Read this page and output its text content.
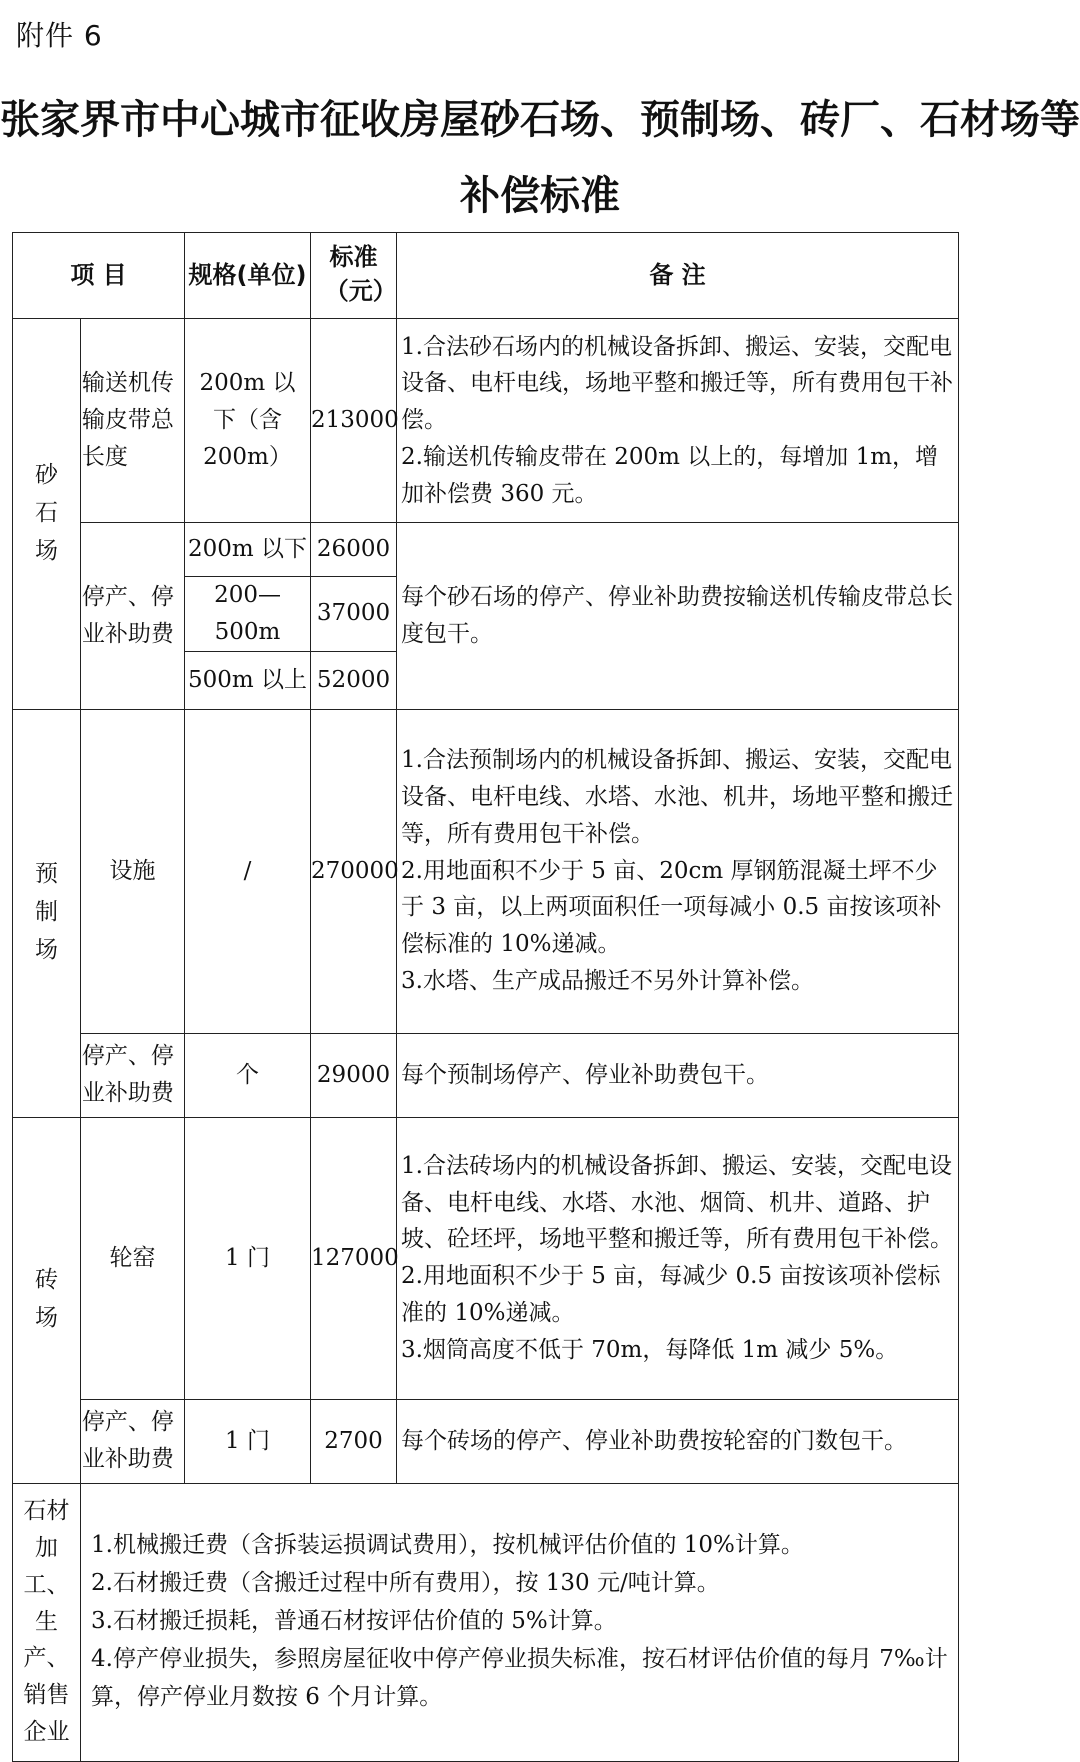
附件 6
张家界市中心城市征收房屋砂石场、预制场、砖厂、石材场等
补偿标准
项 目		规格(单位)	标准（元）	备 注
砂石场	输送机传输皮带总长度	200m 以下（含 200m）	213000	1.合法砂石场内的机械设备拆卸、搬运、安装，交配电设备、电杆电线，场地平整和搬迁等，所有费用包干补偿。
2.输送机传输皮带在 200m 以上的，每增加 1m，增加补偿费 360 元。

	停产、停业补助费	200m 以下	26000	每个砂石场的停产、停业补助费按输送机传输皮带总长度包干。
		200—500m	37000	
		500m 以上	52000	
预制场	设施	/	270000	1.合法预制场内的机械设备拆卸、搬运、安装，交配电设备、电杆电线、水塔、水池、机井，场地平整和搬迁等，所有费用包干补偿。
2.用地面积不少于 5 亩、20cm 厚钢筋混凝土坪不少于 3 亩，以上两项面积任一项每减小 0.5 亩按该项补偿标准的 10%递减。
3.水塔、生产成品搬迁不另外计算补偿。

	停产、停业补助费	个	29000	每个预制场停产、停业补助费包干。
砖场	轮窑	1 门	127000	1.合法砖场内的机械设备拆卸、搬运、安装，交配电设备、电杆电线、水塔、水池、烟筒、机井、道路、护坡、砼坯坪，场地平整和搬迁等，所有费用包干补偿。
2.用地面积不少于 5 亩，每减少 0.5 亩按该项补偿标准的 10%递减。
3.烟筒高度不低于 70m，每降低 1m 减少 5%。

	停产、停业补助费	1 门	2700	每个砖场的停产、停业补助费按轮窑的门数包干。
石材加工、生产、销售企业	1.机械搬迁费（含拆装运损调试费用），按机械评估价值的 10%计算。
2.石材搬迁费（含搬迁过程中所有费用），按 130 元/吨计算。
3.石材搬迁损耗，普通石材按评估价值的 5%计算。
4.停产停业损失，参照房屋征收中停产停业损失标准，按石材评估价值的每月 7‰计算，停产停业月数按 6 个月计算。			
